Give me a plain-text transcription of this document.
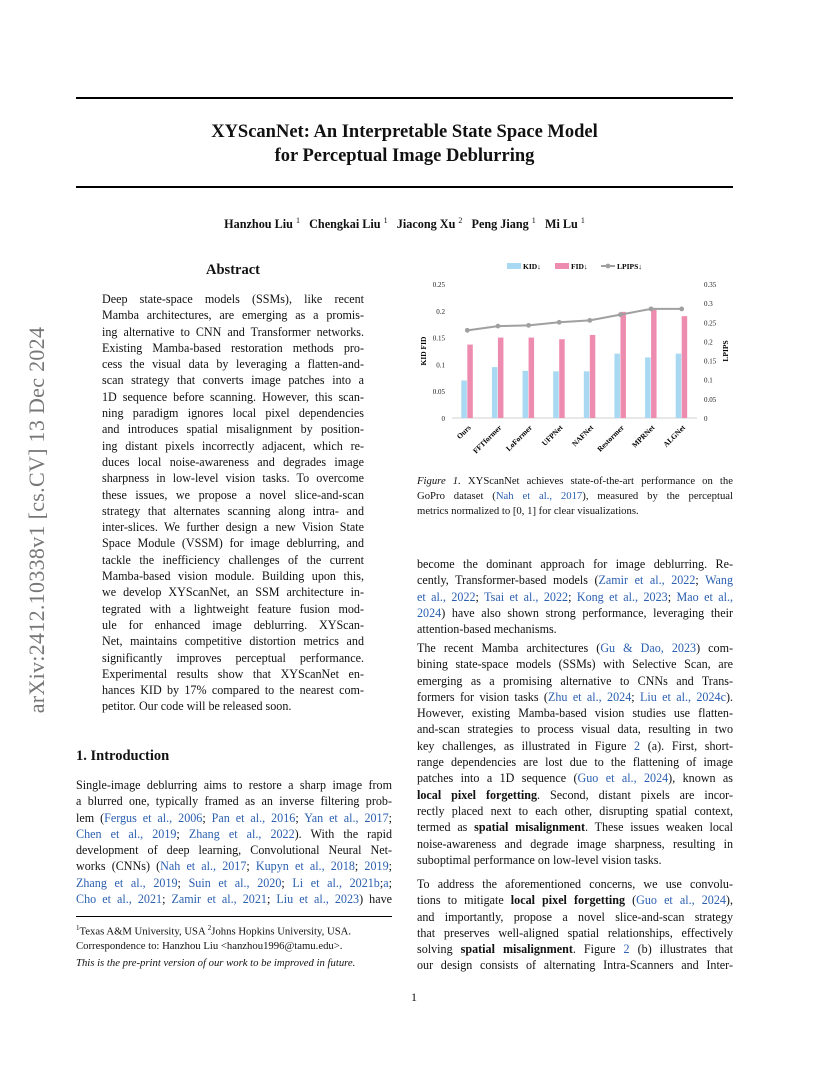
arXiv:2412.10338v1 [cs.CV] 13 Dec 2024
XYScanNet: An Interpretable State Space Model
for Perceptual Image Deblurring
Hanzhou Liu $^1$ Chengkai Liu $^1$ Jiacong Xu $^2$ Peng Jiang $^1$ Mi Lu $^1$
Abstract
Deep state-space models (SSMs), like recent
Mamba architectures, are emerging as a promis-
ing alternative to CNN and Transformer networks.
Existing Mamba-based restoration methods pro-
cess the visual data by leveraging a flatten-and-
scan strategy that converts image patches into a
1D sequence before scanning. However, this scan-
ning paradigm ignores local pixel dependencies
and introduces spatial misalignment by position-
ing distant pixels incorrectly adjacent, which re-
duces local noise-awareness and degrades image
sharpness in low-level vision tasks. To overcome
these issues, we propose a novel slice-and-scan
strategy that alternates scanning along intra- and
inter-slices. We further design a new Vision State
Space Module (VSSM) for image deblurring, and
tackle the inefficiency challenges of the current
Mamba-based vision module. Building upon this,
we develop XYScanNet, an SSM architecture in-
tegrated with a lightweight feature fusion mod-
ule for enhanced image deblurring. XYScan-
Net, maintains competitive distortion metrics and
significantly improves perceptual performance.
Experimental results show that XYScanNet en-
hances KID by 17% compared to the nearest com-
petitor. Our code will be released soon.
1. Introduction
Single-image deblurring aims to restore a sharp image from
a blurred one, typically framed as an inverse filtering prob-
lem (Fergus et al., 2006; Pan et al., 2016; Yan et al., 2017;
Chen et al., 2019; Zhang et al., 2022). With the rapid
development of deep learning, Convolutional Neural Net-
works (CNNs) (Nah et al., 2017; Kupyn et al., 2018; 2019;
Zhang et al., 2019; Suin et al., 2020; Li et al., 2021b;a;
Cho et al., 2021; Zamir et al., 2021; Liu et al., 2023) have
$^1$Texas A&M University, USA $^2$Johns Hopkins University, USA.
Correspondence to: Hanzhou Liu <hanzhou1996@tamu.edu>.
This is the pre-print version of our work to be improved in future.
0
0.05
0.1
0.15
0.2
0.25
0
0.05
0.1
0.15
0.2
0.25
0.3
0.35
KID FID	LPIPS
Ours
FFTformer LoFormer UFPNet NAFNet Restormer MPRNet ALGNet
KID↓	FID↓	LPIPS↓
Figure 1. XYScanNet achieves state-of-the-art performance on the
GoPro dataset (Nah et al., 2017), measured by the perceptual
metrics normalized to [0, 1] for clear visualizations.
become the dominant approach for image deblurring. Re-
cently, Transformer-based models (Zamir et al., 2022; Wang
et al., 2022; Tsai et al., 2022; Kong et al., 2023; Mao et al.,
2024) have also shown strong performance, leveraging their
attention-based mechanisms.
The recent Mamba architectures (Gu & Dao, 2023) com-
bining state-space models (SSMs) with Selective Scan, are
emerging as a promising alternative to CNNs and Trans-
formers for vision tasks (Zhu et al., 2024; Liu et al., 2024c).
However, existing Mamba-based vision studies use flatten-
and-scan strategies to process visual data, resulting in two
key challenges, as illustrated in Figure 2 (a). First, short-
range dependencies are lost due to the flattening of image
patches into a 1D sequence (Guo et al., 2024), known as
local pixel forgetting. Second, distant pixels are incor-
rectly placed next to each other, disrupting spatial context,
termed as spatial misalignment. These issues weaken local
noise-awareness and degrade image sharpness, resulting in
suboptimal performance on low-level vision tasks.
To address the aforementioned concerns, we use convolu-
tions to mitigate local pixel forgetting (Guo et al., 2024),
and importantly, propose a novel slice-and-scan strategy
that preserves well-aligned spatial relationships, effectively
solving spatial misalignment. Figure 2 (b) illustrates that
our design consists of alternating Intra-Scanners and Inter-
1
